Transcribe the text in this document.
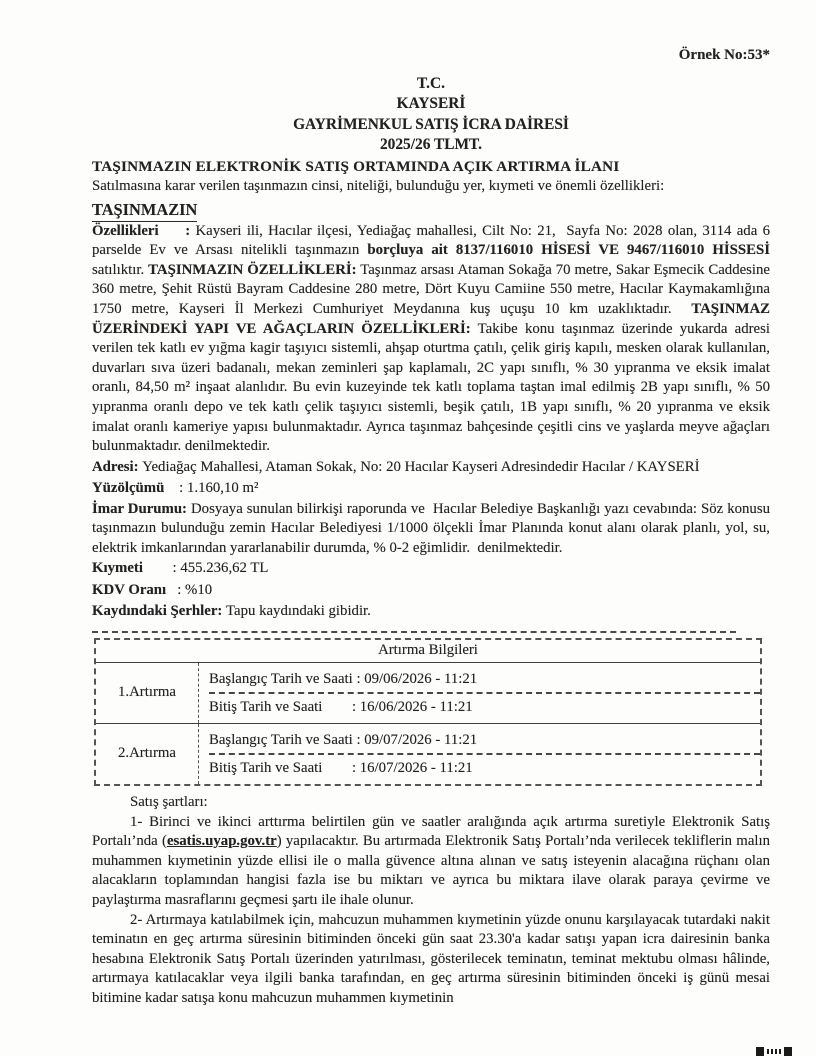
Örnek No:53*
T.C.
KAYSERİ
GAYRİMENKUL SATIŞ İCRA DAİRESİ
2025/26 TLMT.
TAŞINMAZIN ELEKTRONİK SATIŞ ORTAMINDA AÇIK ARTIRMA İLANI
Satılmasına karar verilen taşınmazın cinsi, niteliği, bulunduğu yer, kıymeti ve önemli özellikleri:
TAŞINMAZIN
Özellikleri     : Kayseri ili, Hacılar ilçesi, Yediağaç mahallesi, Cilt No: 21,  Sayfa No: 2028 olan, 3114 ada 6 parselde Ev ve Arsası nitelikli taşınmazın borçluya ait 8137/116010 HİSESİ VE 9467/116010 HİSSESİ satılıktır. TAŞINMAZIN ÖZELLİKLERİ: Taşınmaz arsası Ataman Sokağa 70 metre, Sakar Eşmecik Caddesine 360 metre, Şehit Rüstü Bayram Caddesine 280 metre, Dört Kuyu Camiine 550 metre, Hacılar Kaymakamlığına 1750 metre, Kayseri İl Merkezi Cumhuriyet Meydanına kuş uçuşu 10 km uzaklıktadır.  TAŞINMAZ ÜZERİNDEKİ YAPI VE AĞAÇLARIN ÖZELLİKLERİ: Takibe konu taşınmaz üzerinde yukarda adresi verilen tek katlı ev yığma kagir taşıyıcı sistemli, ahşap oturtma çatılı, çelik giriş kapılı, mesken olarak kullanılan, duvarları sıva üzeri badanalı, mekan zeminleri şap kaplamalı, 2C yapı sınıflı, % 30 yıpranma ve eksik imalat oranlı, 84,50 m² inşaat alanlıdır. Bu evin kuzeyinde tek katlı toplama taştan imal edilmiş 2B yapı sınıflı, % 50 yıpranma oranlı depo ve tek katlı çelik taşıyıcı sistemli, beşik çatılı, 1B yapı sınıflı, % 20 yıpranma ve eksik imalat oranlı kameriye yapısı bulunmaktadır. Ayrıca taşınmaz bahçesinde çeşitli cins ve yaşlarda meyve ağaçları bulunmaktadır. denilmektedir.
Adresi: Yediağaç Mahallesi, Ataman Sokak, No: 20 Hacılar Kayseri Adresindedir Hacılar / KAYSERİ
Yüzölçümü    : 1.160,10 m²
İmar Durumu: Dosyaya sunulan bilirkişi raporunda ve  Hacılar Belediye Başkanlığı yazı cevabında: Söz konusu taşınmazın bulunduğu zemin Hacılar Belediyesi 1/1000 ölçekli İmar Planında konut alanı olarak planlı, yol, su, elektrik imkanlarından yararlanabilir durumda, % 0-2 eğimlidir.  denilmektedir.
Kıymeti        : 455.236,62 TL
KDV Oranı   : %10
Kaydındaki Şerhler: Tapu kaydındaki gibidir.
Artırma Bilgileri
1.Artırma
Başlangıç Tarih ve Saati : 09/06/2026 - 11:21
Bitiş Tarih ve Saati        : 16/06/2026 - 11:21
2.Artırma
Başlangıç Tarih ve Saati : 09/07/2026 - 11:21
Bitiş Tarih ve Saati        : 16/07/2026 - 11:21
Satış şartları:
1- Birinci ve ikinci arttırma belirtilen gün ve saatler aralığında açık artırma suretiyle Elektronik Satış Portalı’nda (esatis.uyap.gov.tr) yapılacaktır. Bu artırmada Elektronik Satış Portalı’nda verilecek tekliflerin malın muhammen kıymetinin yüzde ellisi ile o malla güvence altına alınan ve satış isteyenin alacağına rüçhanı olan alacakların toplamından hangisi fazla ise bu miktarı ve ayrıca bu miktara ilave olarak paraya çevirme ve paylaştırma masraflarını geçmesi şartı ile ihale olunur.
2- Artırmaya katılabilmek için, mahcuzun muhammen kıymetinin yüzde onunu karşılayacak tutardaki nakit teminatın en geç artırma süresinin bitiminden önceki gün saat 23.30'a kadar satışı yapan icra dairesinin banka hesabına Elektronik Satış Portalı üzerinden yatırılması, gösterilecek teminatın, teminat mektubu olması hâlinde, artırmaya katılacaklar veya ilgili banka tarafından, en geç artırma süresinin bitiminden önceki iş günü mesai bitimine kadar satışa konu mahcuzun muhammen kıymetinin
